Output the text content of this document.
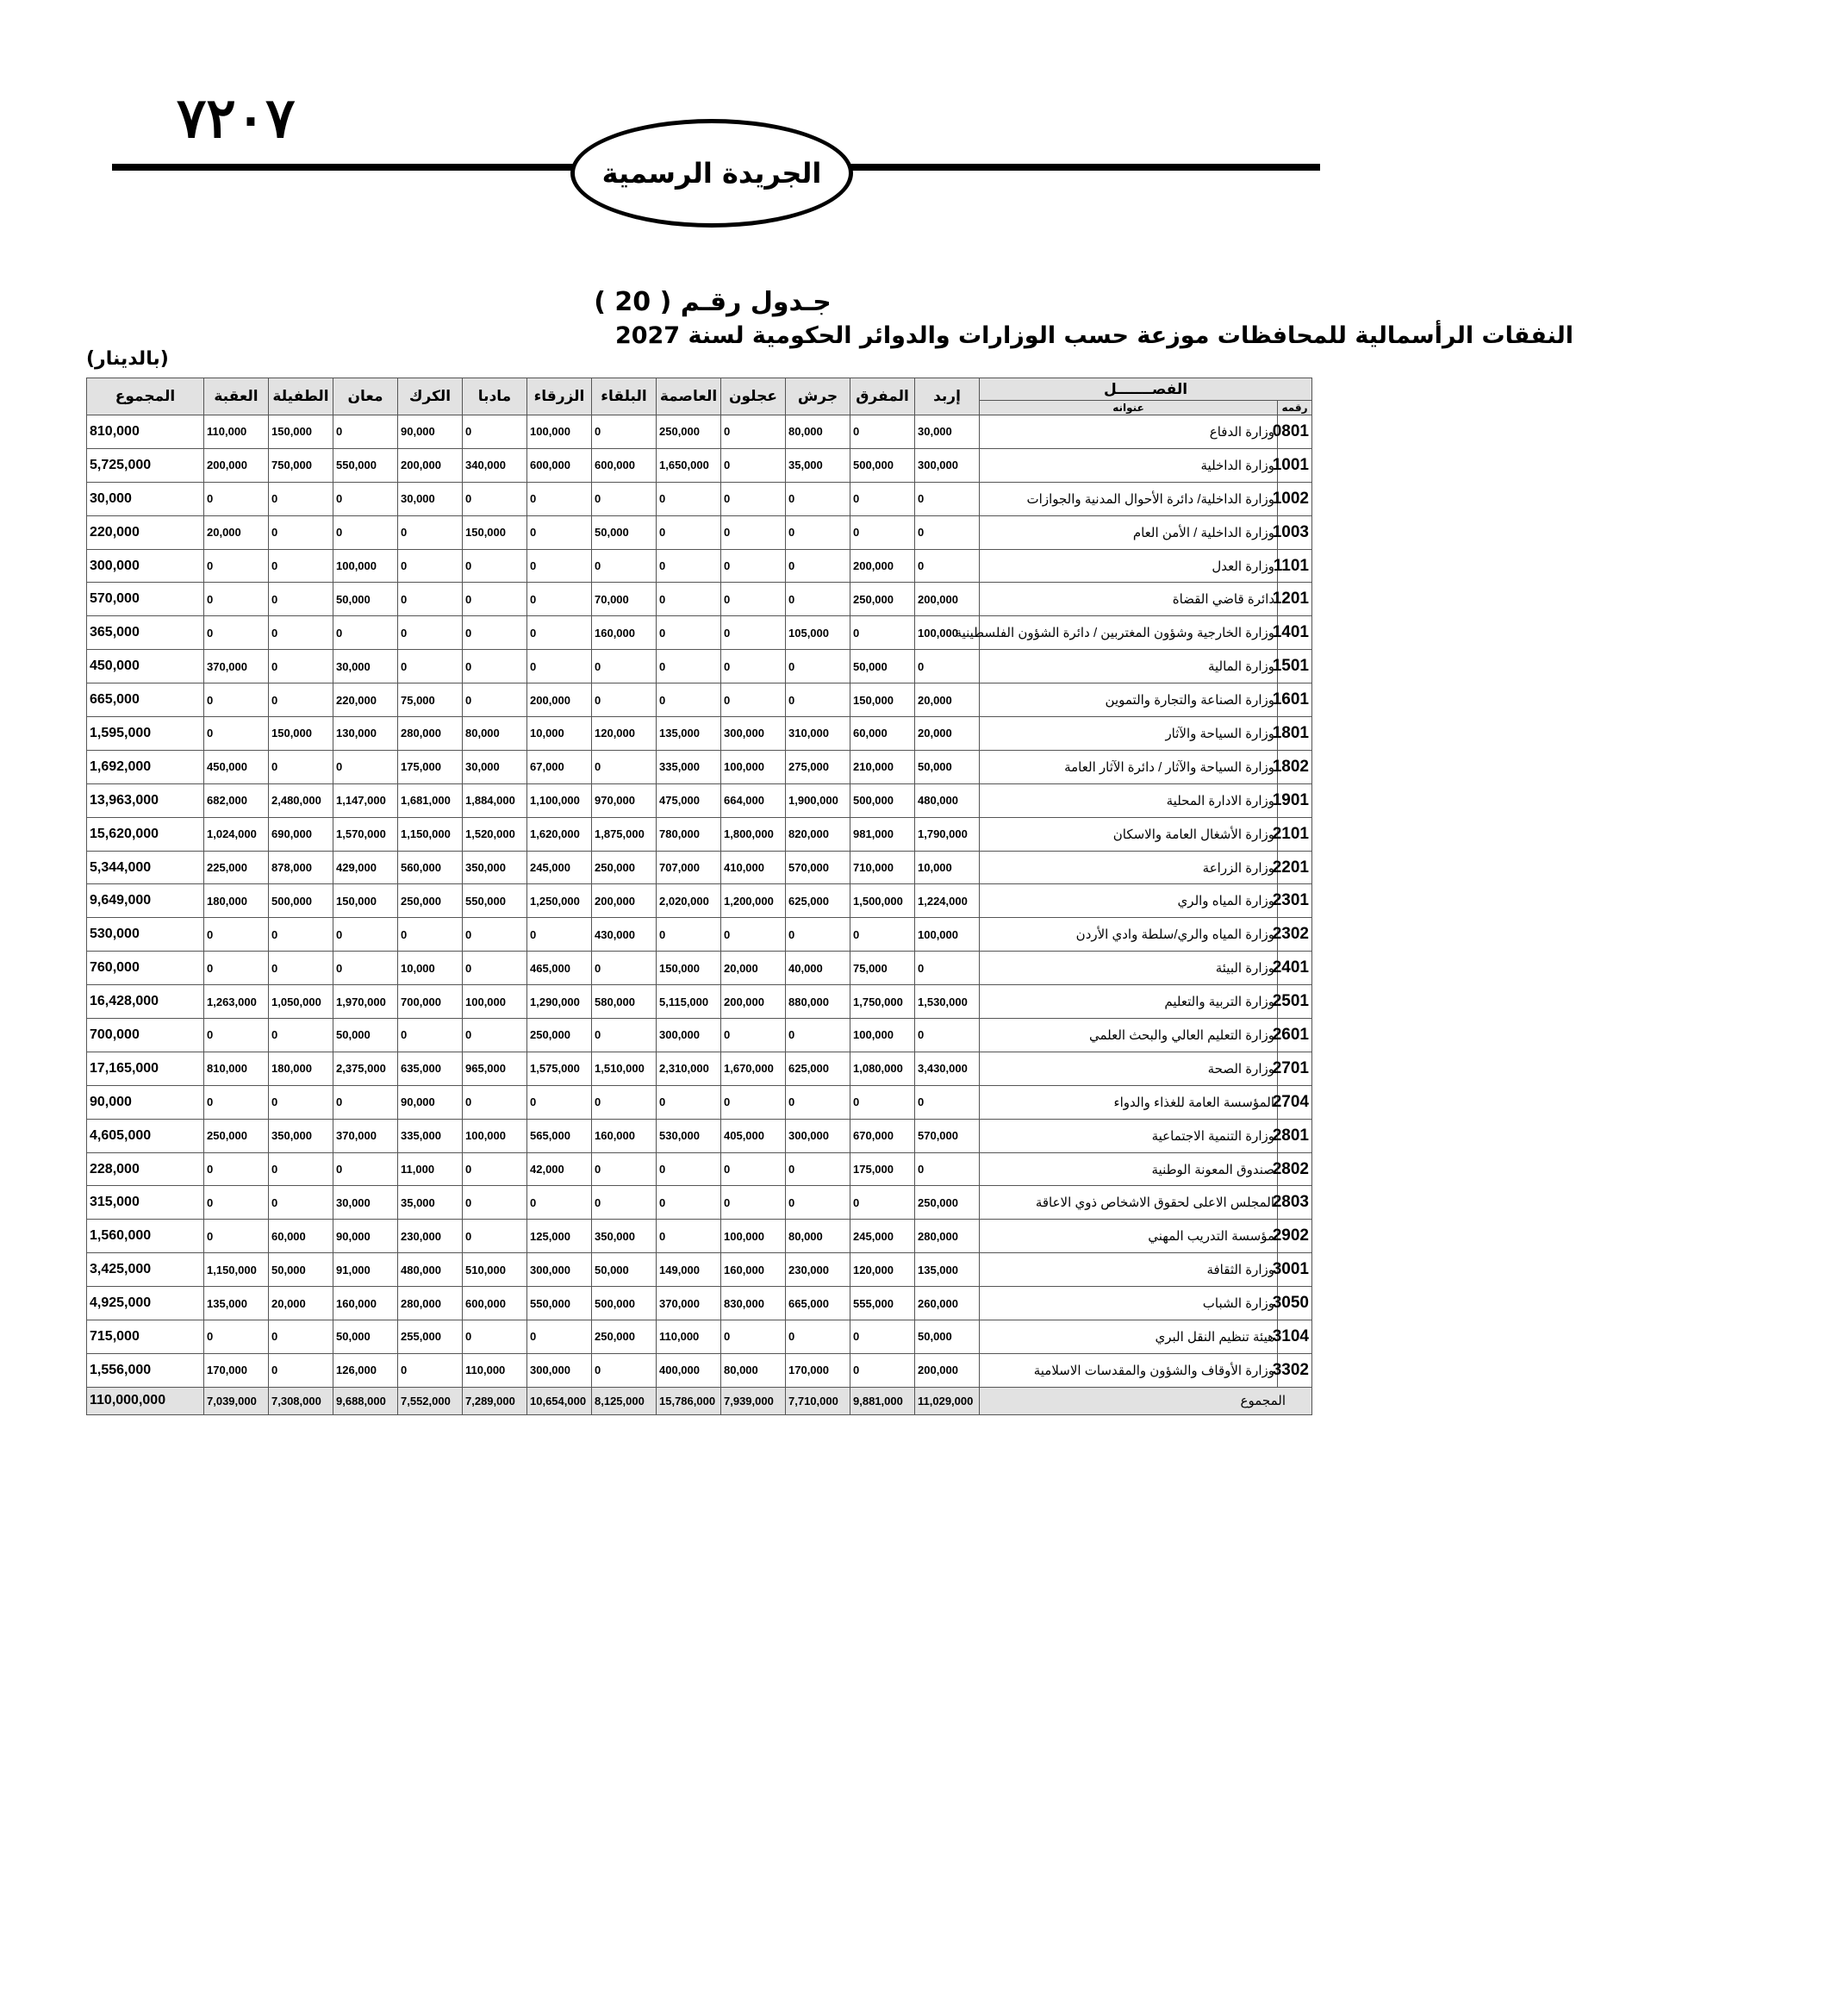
٧٢٠٧
الجريدة الرسمية
جـدول رقـم ( 20 )
النفقات الرأسمالية للمحافظات موزعة حسب الوزارات والدوائر الحكومية لسنة 2027
(بالدينار)
الفصـــــــل		إربد	المفرق	جرش	عجلون	العاصمة	البلقاء	الزرقاء	مادبا	الكرك	معان	الطفيلة	العقبة	المجموع
رقمه	عنوانه													
0801	وزارة الدفاع	30,000	0	80,000	0	250,000	0	100,000	0	90,000	0	150,000	110,000	810,000
1001	وزارة الداخلية	300,000	500,000	35,000	0	1,650,000	600,000	600,000	340,000	200,000	550,000	750,000	200,000	5,725,000
1002	وزارة الداخلية/ دائرة الأحوال المدنية والجوازات	0	0	0	0	0	0	0	0	30,000	0	0	0	30,000
1003	وزارة الداخلية / الأمن العام	0	0	0	0	0	50,000	0	150,000	0	0	0	20,000	220,000
1101	وزارة العدل	0	200,000	0	0	0	0	0	0	0	100,000	0	0	300,000
1201	دائرة قاضي القضاة	200,000	250,000	0	0	0	70,000	0	0	0	50,000	0	0	570,000
1401	وزارة الخارجية وشؤون المغتربين / دائرة الشؤون الفلسطينية	100,000	0	105,000	0	0	160,000	0	0	0	0	0	0	365,000
1501	وزارة المالية	0	50,000	0	0	0	0	0	0	0	30,000	0	370,000	450,000
1601	وزارة الصناعة والتجارة والتموين	20,000	150,000	0	0	0	0	200,000	0	75,000	220,000	0	0	665,000
1801	وزارة السياحة والآثار	20,000	60,000	310,000	300,000	135,000	120,000	10,000	80,000	280,000	130,000	150,000	0	1,595,000
1802	وزارة السياحة والآثار / دائرة الآثار العامة	50,000	210,000	275,000	100,000	335,000	0	67,000	30,000	175,000	0	0	450,000	1,692,000
1901	وزارة الادارة المحلية	480,000	500,000	1,900,000	664,000	475,000	970,000	1,100,000	1,884,000	1,681,000	1,147,000	2,480,000	682,000	13,963,000
2101	وزارة الأشغال العامة والاسكان	1,790,000	981,000	820,000	1,800,000	780,000	1,875,000	1,620,000	1,520,000	1,150,000	1,570,000	690,000	1,024,000	15,620,000
2201	وزارة الزراعة	10,000	710,000	570,000	410,000	707,000	250,000	245,000	350,000	560,000	429,000	878,000	225,000	5,344,000
2301	وزارة المياه والري	1,224,000	1,500,000	625,000	1,200,000	2,020,000	200,000	1,250,000	550,000	250,000	150,000	500,000	180,000	9,649,000
2302	وزارة المياه والري/سلطة وادي الأردن	100,000	0	0	0	0	430,000	0	0	0	0	0	0	530,000
2401	وزارة البيئة	0	75,000	40,000	20,000	150,000	0	465,000	0	10,000	0	0	0	760,000
2501	وزارة التربية والتعليم	1,530,000	1,750,000	880,000	200,000	5,115,000	580,000	1,290,000	100,000	700,000	1,970,000	1,050,000	1,263,000	16,428,000
2601	وزارة التعليم العالي والبحث العلمي	0	100,000	0	0	300,000	0	250,000	0	0	50,000	0	0	700,000
2701	وزارة الصحة	3,430,000	1,080,000	625,000	1,670,000	2,310,000	1,510,000	1,575,000	965,000	635,000	2,375,000	180,000	810,000	17,165,000
2704	المؤسسة العامة للغذاء والدواء	0	0	0	0	0	0	0	0	90,000	0	0	0	90,000
2801	وزارة التنمية الاجتماعية	570,000	670,000	300,000	405,000	530,000	160,000	565,000	100,000	335,000	370,000	350,000	250,000	4,605,000
2802	صندوق المعونة الوطنية	0	175,000	0	0	0	0	42,000	0	11,000	0	0	0	228,000
2803	المجلس الاعلى لحقوق الاشخاص ذوي الاعاقة	250,000	0	0	0	0	0	0	0	35,000	30,000	0	0	315,000
2902	مؤسسة التدريب المهني	280,000	245,000	80,000	100,000	0	350,000	125,000	0	230,000	90,000	60,000	0	1,560,000
3001	وزارة الثقافة	135,000	120,000	230,000	160,000	149,000	50,000	300,000	510,000	480,000	91,000	50,000	1,150,000	3,425,000
3050	وزارة الشباب	260,000	555,000	665,000	830,000	370,000	500,000	550,000	600,000	280,000	160,000	20,000	135,000	4,925,000
3104	هيئة تنظيم النقل البري	50,000	0	0	0	110,000	250,000	0	0	255,000	50,000	0	0	715,000
3302	وزارة الأوقاف والشؤون والمقدسات الاسلامية	200,000	0	170,000	80,000	400,000	0	300,000	110,000	0	126,000	0	170,000	1,556,000
المجموع		11,029,000	9,881,000	7,710,000	7,939,000	15,786,000	8,125,000	10,654,000	7,289,000	7,552,000	9,688,000	7,308,000	7,039,000	110,000,000
